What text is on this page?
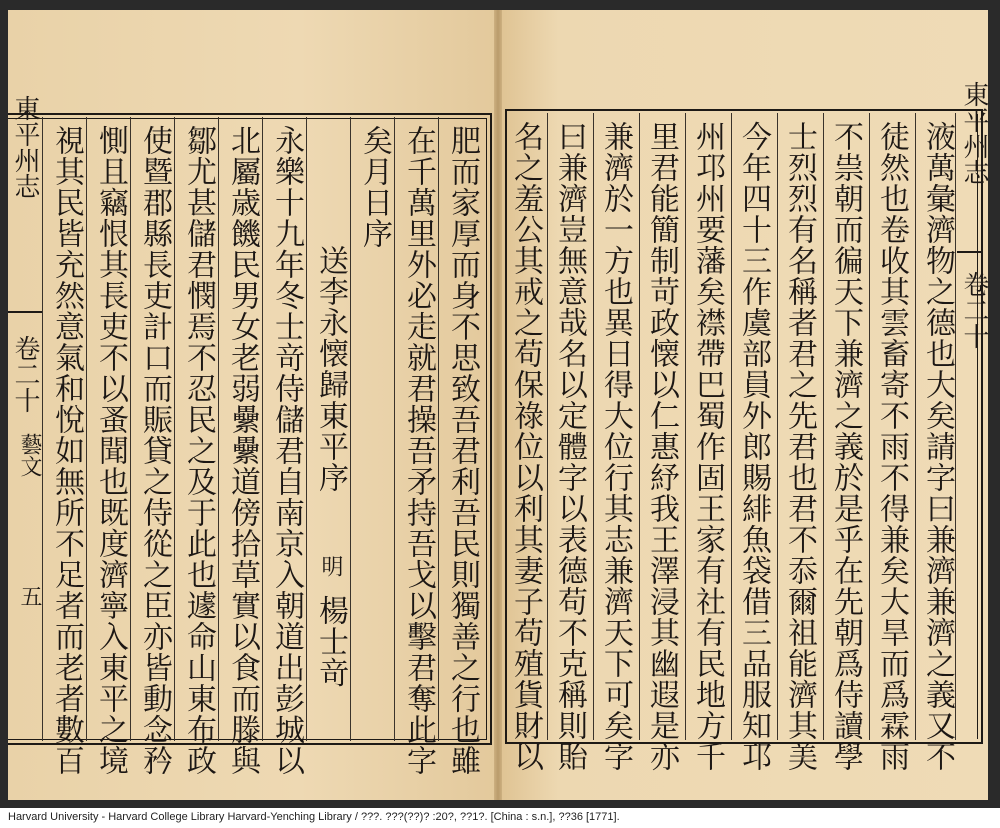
液萬彙濟物之德也大矣請字曰兼濟兼濟之義又不
徒然也卷收其雲畜寄不雨不得兼矣大旱而爲霖雨
不祟朝而徧天下兼濟之義於是乎在先朝爲侍讀學
士烈烈有名稱者君之先君也君不忝爾祖能濟其美
今年四十三作虞部員外郎賜緋魚袋借三品服知邛
州邛州要藩矣襟帶巴蜀作固王家有社有民地方千
里君能簡制苛政懐以仁惠紓我王澤浸其幽遐是亦
兼濟於一方也異日得大位行其志兼濟天下可矣字
曰兼濟豈無意哉名以定體字以表德苟不克稱則貽
名之羞公其戒之苟保祿位以利其妻子苟殖貨財以	東平州志
卷二十
東平州志
卷二十
藝文
五	肥而家厚而身不思致吾君利吾民則獨善之行也雖
在千萬里外必走就君操吾矛持吾戈以擊君奪此字
矣月日序
送李永懐歸東平序
明
楊士竒
永樂十九年冬士竒侍儲君自南京入朝道出彭城以
北屬歳饑民男女老弱纍纍道傍拾草實以食而滕與
鄒尤甚儲君憫焉不忍民之及于此也遽命山東布政
使暨郡縣長吏計口而賑貸之侍從之臣亦皆動念矜
惻且竊恨其長吏不以蚤聞也既度濟寧入東平之境
視其民皆充然意氣和悅如無所不足者而老者數百
Harvard University - Harvard College Library Harvard-Yenching Library / ???. ???(??)? :20?, ??1?. [China : s.n.], ??36 [1771].
